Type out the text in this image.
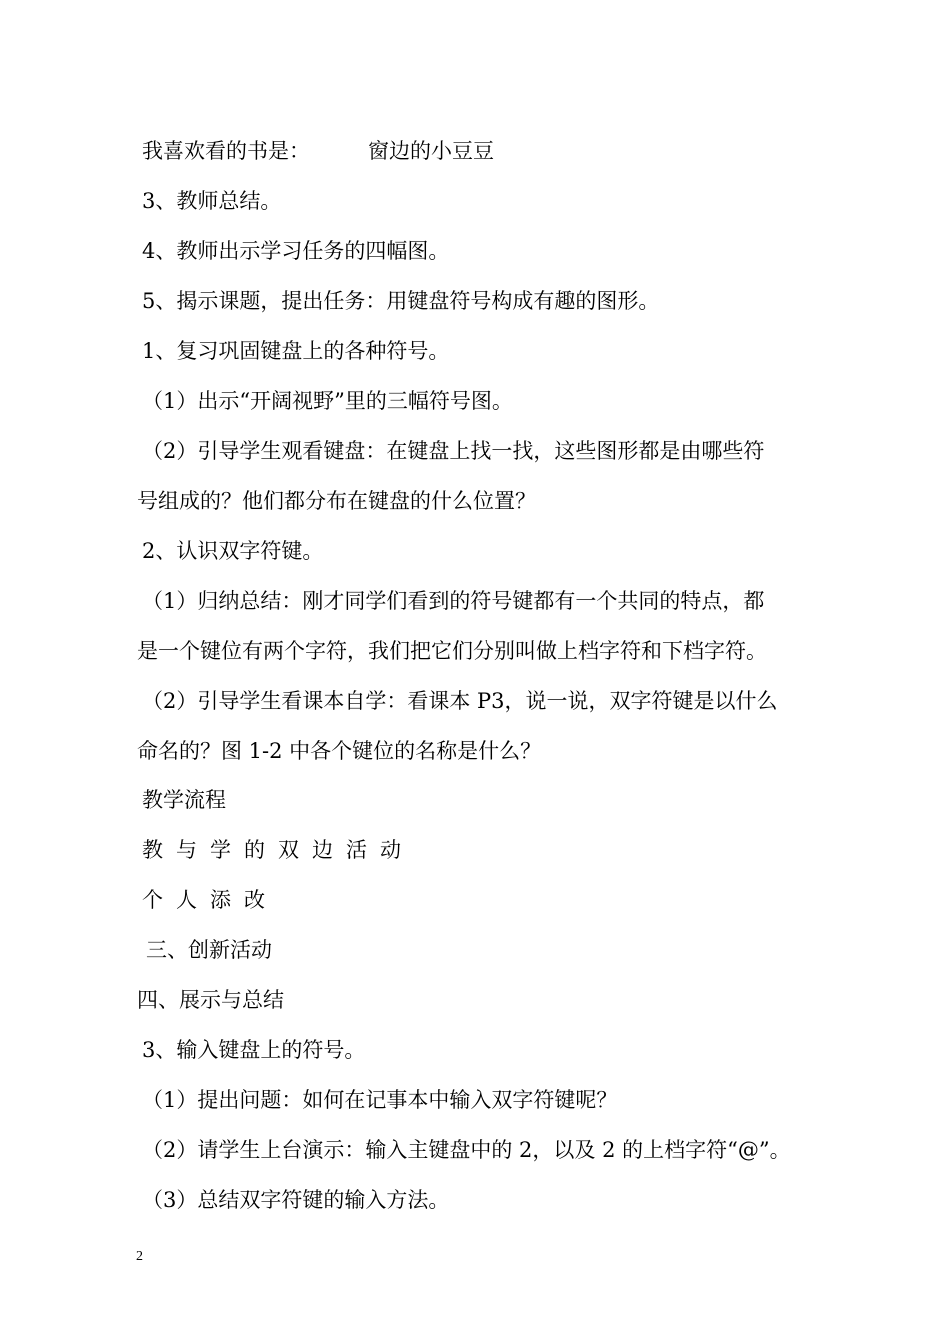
我喜欢看的书是：	窗边的小豆豆
3、教师总结。
4、教师出示学习任务的四幅图。
5、揭示课题，提出任务：用键盘符号构成有趣的图形。
1、复习巩固键盘上的各种符号。
（1）出示“开阔视野”里的三幅符号图。
（2）引导学生观看键盘：在键盘上找一找，这些图形都是由哪些符
号组成的？他们都分布在键盘的什么位置？
2、认识双字符键。
（1）归纳总结：刚才同学们看到的符号键都有一个共同的特点，都
是一个键位有两个字符，我们把它们分别叫做上档字符和下档字符。
（2）引导学生看课本自学：看课本 P3，说一说，双字符键是以什么
命名的？图 1-2 中各个键位的名称是什么？
教学流程
教与学的双边活动
个人添改
三、创新活动
四、展示与总结
3、输入键盘上的符号。
（1）提出问题：如何在记事本中输入双字符键呢？
（2）请学生上台演示：输入主键盘中的 2，以及 2 的上档字符“@”。
（3）总结双字符键的输入方法。
2
